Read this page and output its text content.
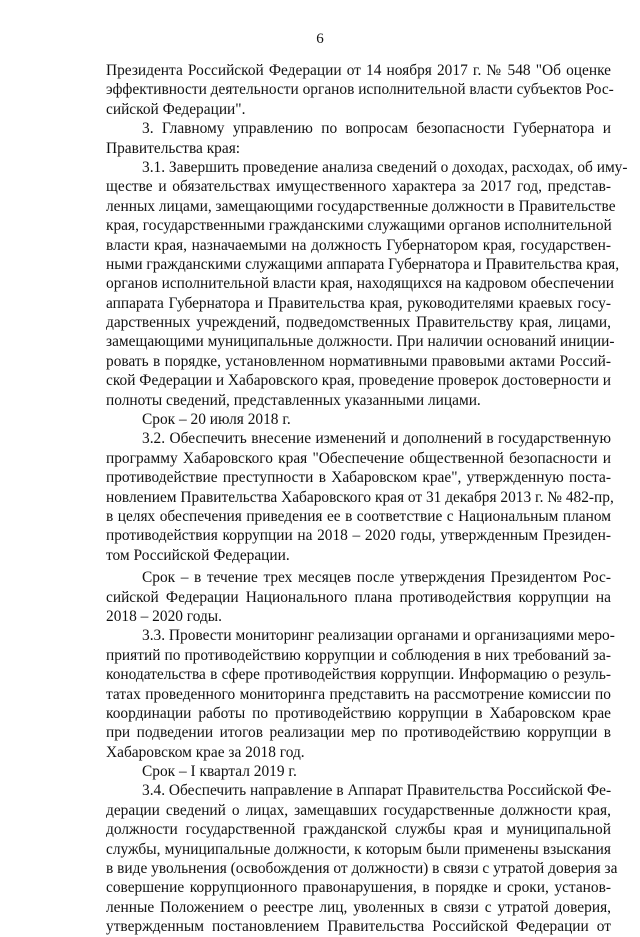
6
Президента Российской Федерации от 14 ноября 2017 г. № 548 "Об оценке
эффективности деятельности органов исполнительной власти субъектов Рос-
сийской Федерации".
3. Главному управлению по вопросам безопасности Губернатора и
Правительства края:
3.1. Завершить проведение анализа сведений о доходах, расходах, об иму-
ществе и обязательствах имущественного характера за 2017 год, представ-
ленных лицами, замещающими государственные должности в Правительстве
края, государственными гражданскими служащими органов исполнительной
власти края, назначаемыми на должность Губернатором края, государствен-
ными гражданскими служащими аппарата Губернатора и Правительства края,
органов исполнительной власти края, находящихся на кадровом обеспечении
аппарата Губернатора и Правительства края, руководителями краевых госу-
дарственных учреждений, подведомственных Правительству края, лицами,
замещающими муниципальные должности. При наличии оснований иниции-
ровать в порядке, установленном нормативными правовыми актами Россий-
ской Федерации и Хабаровского края, проведение проверок достоверности и
полноты сведений, представленных указанными лицами.
Срок – 20 июля 2018 г.
3.2. Обеспечить внесение изменений и дополнений в государственную
программу Хабаровского края "Обеспечение общественной безопасности и
противодействие преступности в Хабаровском крае", утвержденную поста-
новлением Правительства Хабаровского края от 31 декабря 2013 г. № 482-пр,
в целях обеспечения приведения ее в соответствие с Национальным планом
противодействия коррупции на 2018 – 2020 годы, утвержденным Президен-
том Российской Федерации.
Срок – в течение трех месяцев после утверждения Президентом Рос-
сийской Федерации Национального плана противодействия коррупции на
2018 – 2020 годы.
3.3. Провести мониторинг реализации органами и организациями меро-
приятий по противодействию коррупции и соблюдения в них требований за-
конодательства в сфере противодействия коррупции. Информацию о резуль-
татах проведенного мониторинга представить на рассмотрение комиссии по
координации работы по противодействию коррупции в Хабаровском крае
при подведении итогов реализации мер по противодействию коррупции в
Хабаровском крае за 2018 год.
Срок – I квартал 2019 г.
3.4. Обеспечить направление в Аппарат Правительства Российской Фе-
дерации сведений о лицах, замещавших государственные должности края,
должности государственной гражданской службы края и муниципальной
службы, муниципальные должности, к которым были применены взыскания
в виде увольнения (освобождения от должности) в связи с утратой доверия за
совершение коррупционного правонарушения, в порядке и сроки, установ-
ленные Положением о реестре лиц, уволенных в связи с утратой доверия,
утвержденным постановлением Правительства Российской Федерации от
